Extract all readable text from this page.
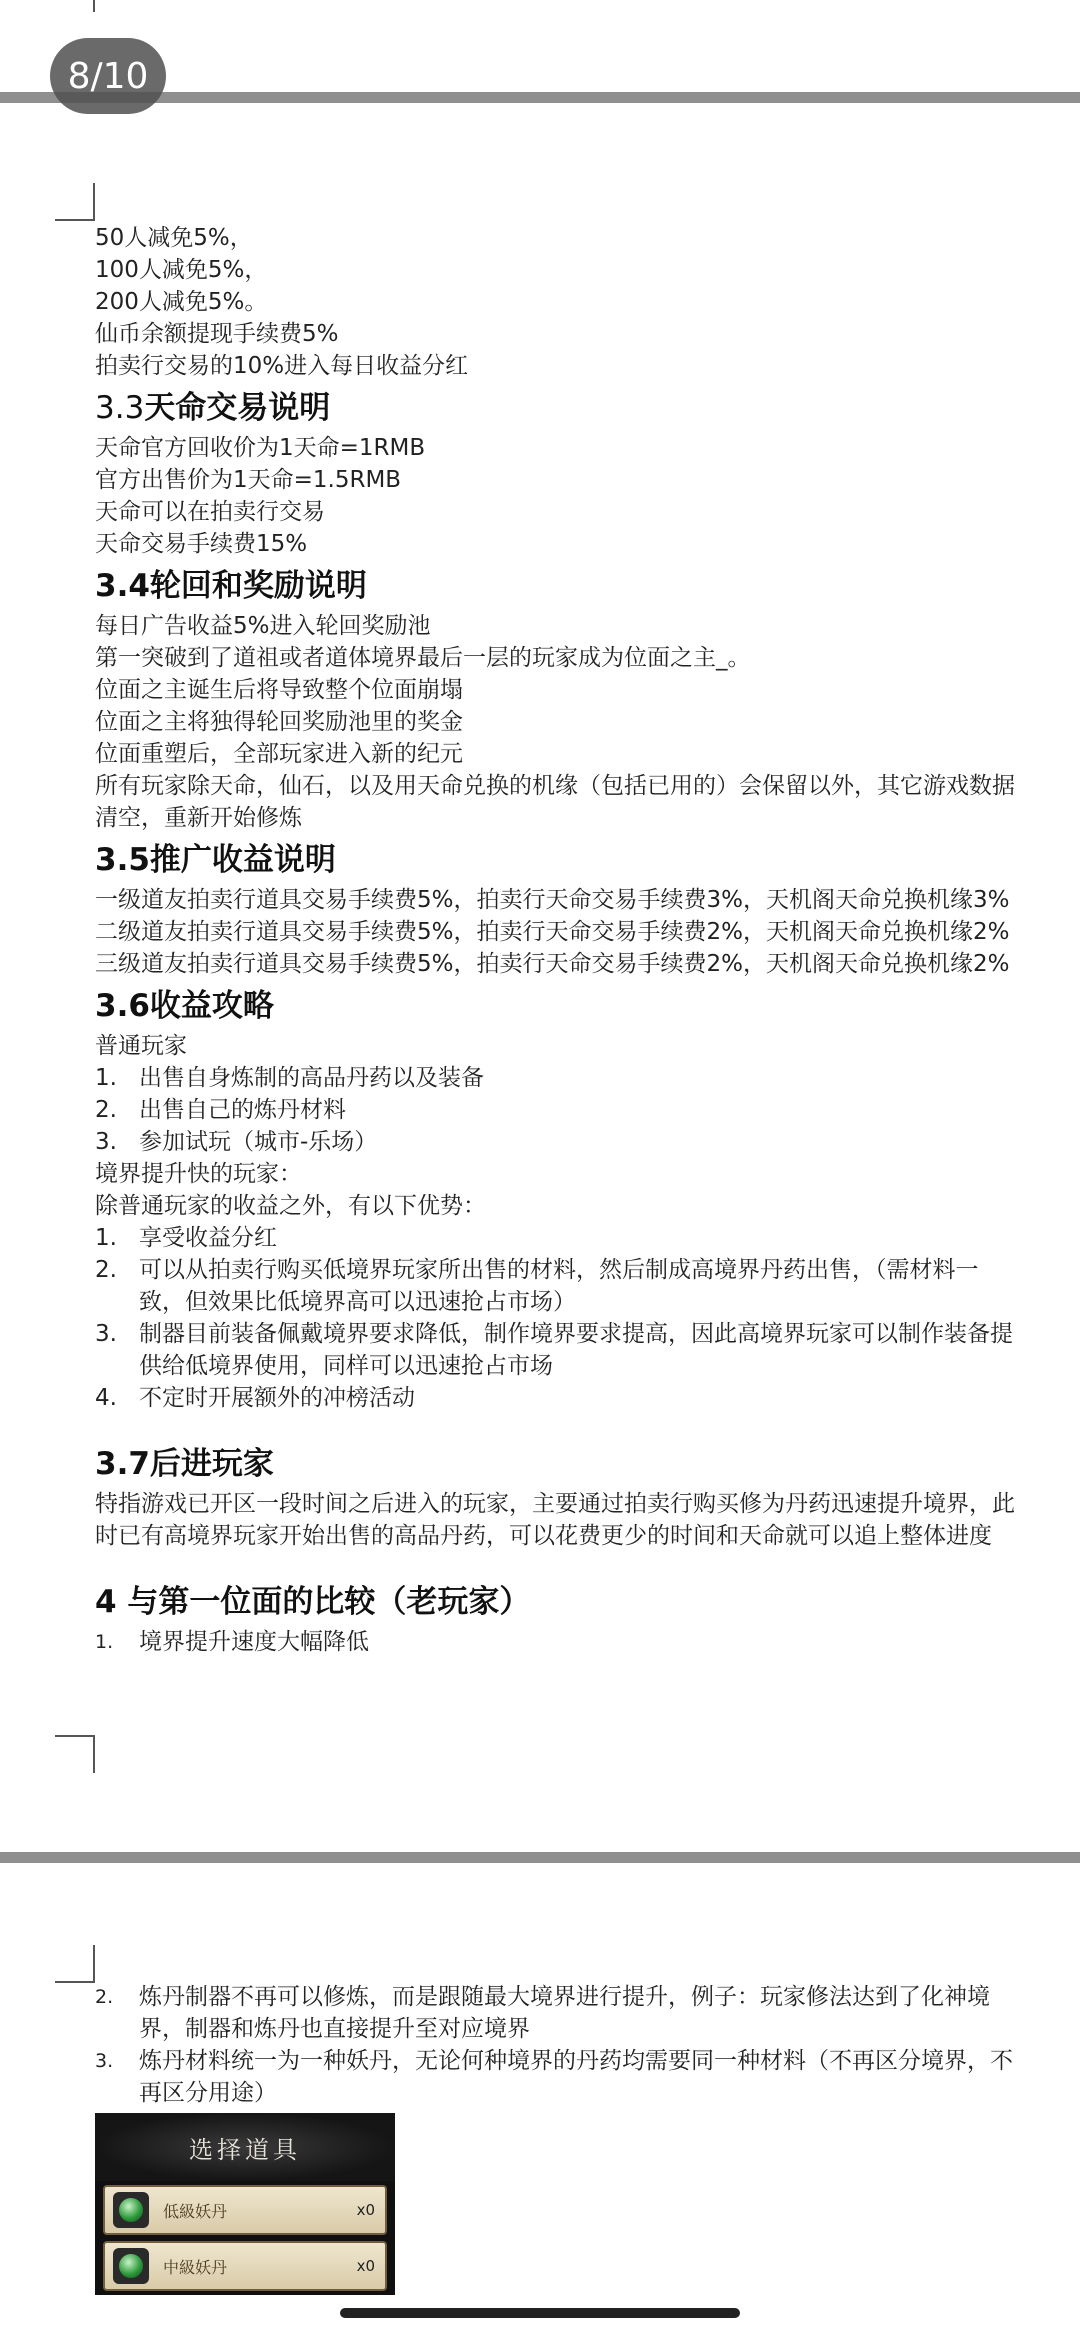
8/10
50人减免5%，
100人减免5%，
200人减免5%。
仙币余额提现手续费5%
拍卖行交易的10%进入每日收益分红
3.3天命交易说明
天命官方回收价为1天命=1RMB
官方出售价为1天命=1.5RMB
天命可以在拍卖行交易
天命交易手续费15%
3.4轮回和奖励说明
每日广告收益5%进入轮回奖励池
第一突破到了道祖或者道体境界最后一层的玩家成为位面之主_。
位面之主诞生后将导致整个位面崩塌
位面之主将独得轮回奖励池里的奖金
位面重塑后，全部玩家进入新的纪元
所有玩家除天命，仙石，以及用天命兑换的机缘（包括已用的）会保留以外，其它游戏数据
清空，重新开始修炼
3.5推广收益说明
一级道友拍卖行道具交易手续费5%，拍卖行天命交易手续费3%，天机阁天命兑换机缘3%
二级道友拍卖行道具交易手续费5%，拍卖行天命交易手续费2%，天机阁天命兑换机缘2%
三级道友拍卖行道具交易手续费5%，拍卖行天命交易手续费2%，天机阁天命兑换机缘2%
3.6收益攻略
普通玩家
1. 出售自身炼制的高品丹药以及装备
2. 出售自己的炼丹材料
3. 参加试玩（城市-乐场）
境界提升快的玩家：
除普通玩家的收益之外，有以下优势：
1. 享受收益分红
2. 可以从拍卖行购买低境界玩家所出售的材料，然后制成高境界丹药出售，（需材料一
致，但效果比低境界高可以迅速抢占市场）
3. 制器目前装备佩戴境界要求降低，制作境界要求提高，因此高境界玩家可以制作装备提
供给低境界使用，同样可以迅速抢占市场
4. 不定时开展额外的冲榜活动
3.7后进玩家
特指游戏已开区一段时间之后进入的玩家，主要通过拍卖行购买修为丹药迅速提升境界，此
时已有高境界玩家开始出售的高品丹药，可以花费更少的时间和天命就可以追上整体进度
4 与第一位面的比较（老玩家）
1. 境界提升速度大幅降低
2. 炼丹制器不再可以修炼，而是跟随最大境界进行提升，例子：玩家修法达到了化神境
界，制器和炼丹也直接提升至对应境界
3. 炼丹材料统一为一种妖丹，无论何种境界的丹药均需要同一种材料（不再区分境界，不
再区分用途）
选择道具
低級妖丹	x0
中級妖丹	x0
